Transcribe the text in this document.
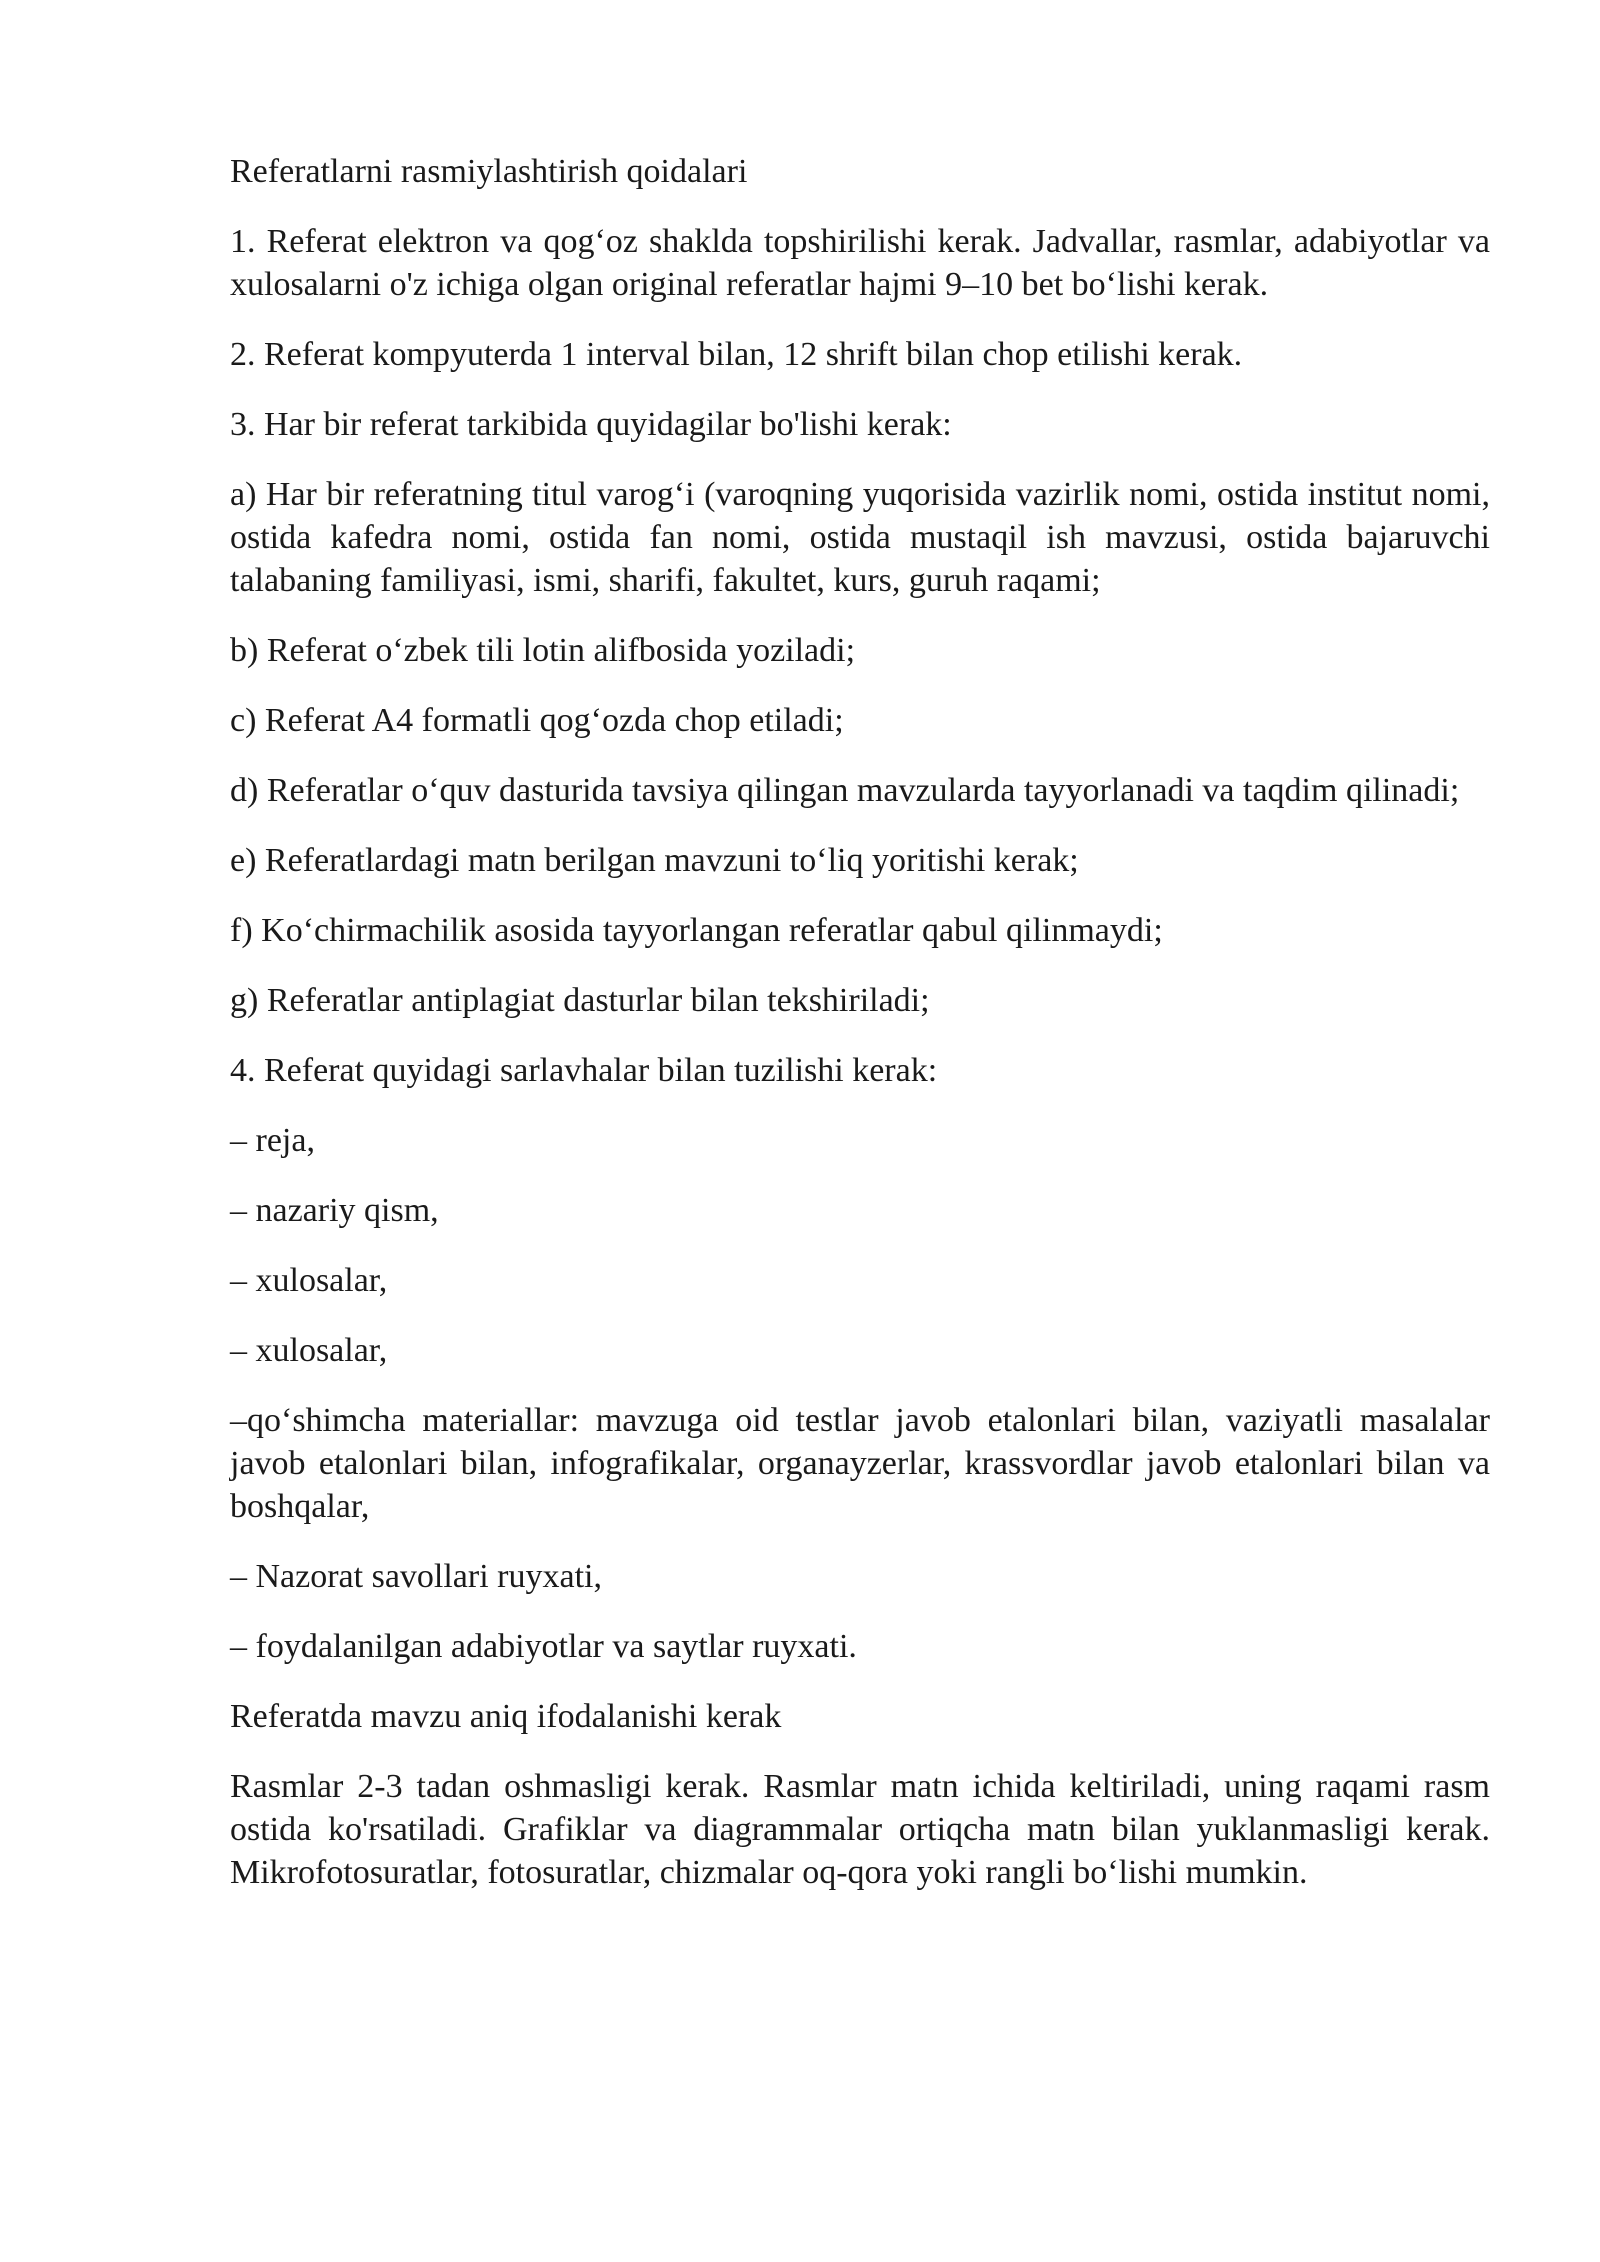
Referatlarni rasmiylashtirish qoidalari

1. Referat elektron va qog‘oz shaklda topshirilishi kerak. Jadvallar, rasmlar, adabiyotlar va xulosalarni o'z ichiga olgan original referatlar hajmi 9–10 bet bo‘lishi kerak.

2. Referat kompyuterda 1 interval bilan, 12 shrift bilan chop etilishi kerak.

3. Har bir referat tarkibida quyidagilar bo'lishi kerak:

a) Har bir referatning titul varog‘i (varoqning yuqorisida vazirlik nomi, ostida institut nomi, ostida kafedra nomi, ostida fan nomi, ostida mustaqil ish mavzusi, ostida bajaruvchi talabaning familiyasi, ismi, sharifi, fakultet, kurs, guruh raqami;

b) Referat o‘zbek tili lotin alifbosida yoziladi;

c) Referat A4 formatli qog‘ozda chop etiladi;

d) Referatlar o‘quv dasturida tavsiya qilingan mavzularda tayyorlanadi va taqdim qilinadi;

e) Referatlardagi matn berilgan mavzuni to‘liq yoritishi kerak;

f) Ko‘chirmachilik asosida tayyorlangan referatlar qabul qilinmaydi;

g) Referatlar antiplagiat dasturlar bilan tekshiriladi;

4. Referat quyidagi sarlavhalar bilan tuzilishi kerak:

– reja,

– nazariy qism,

– xulosalar,

– xulosalar,

–qo‘shimcha materiallar: mavzuga oid testlar javob etalonlari bilan, vaziyatli masalalar javob etalonlari bilan, infografikalar, organayzerlar, krassvordlar javob etalonlari bilan va boshqalar,

– Nazorat savollari ruyxati,

– foydalanilgan adabiyotlar va saytlar ruyxati.

Referatda mavzu aniq ifodalanishi kerak

Rasmlar 2-3 tadan oshmasligi kerak. Rasmlar matn ichida keltiriladi, uning raqami rasm ostida ko'rsatiladi. Grafiklar va diagrammalar ortiqcha matn bilan yuklanmasligi kerak. Mikrofotosuratlar, fotosuratlar, chizmalar oq-qora yoki rangli bo‘lishi mumkin.
